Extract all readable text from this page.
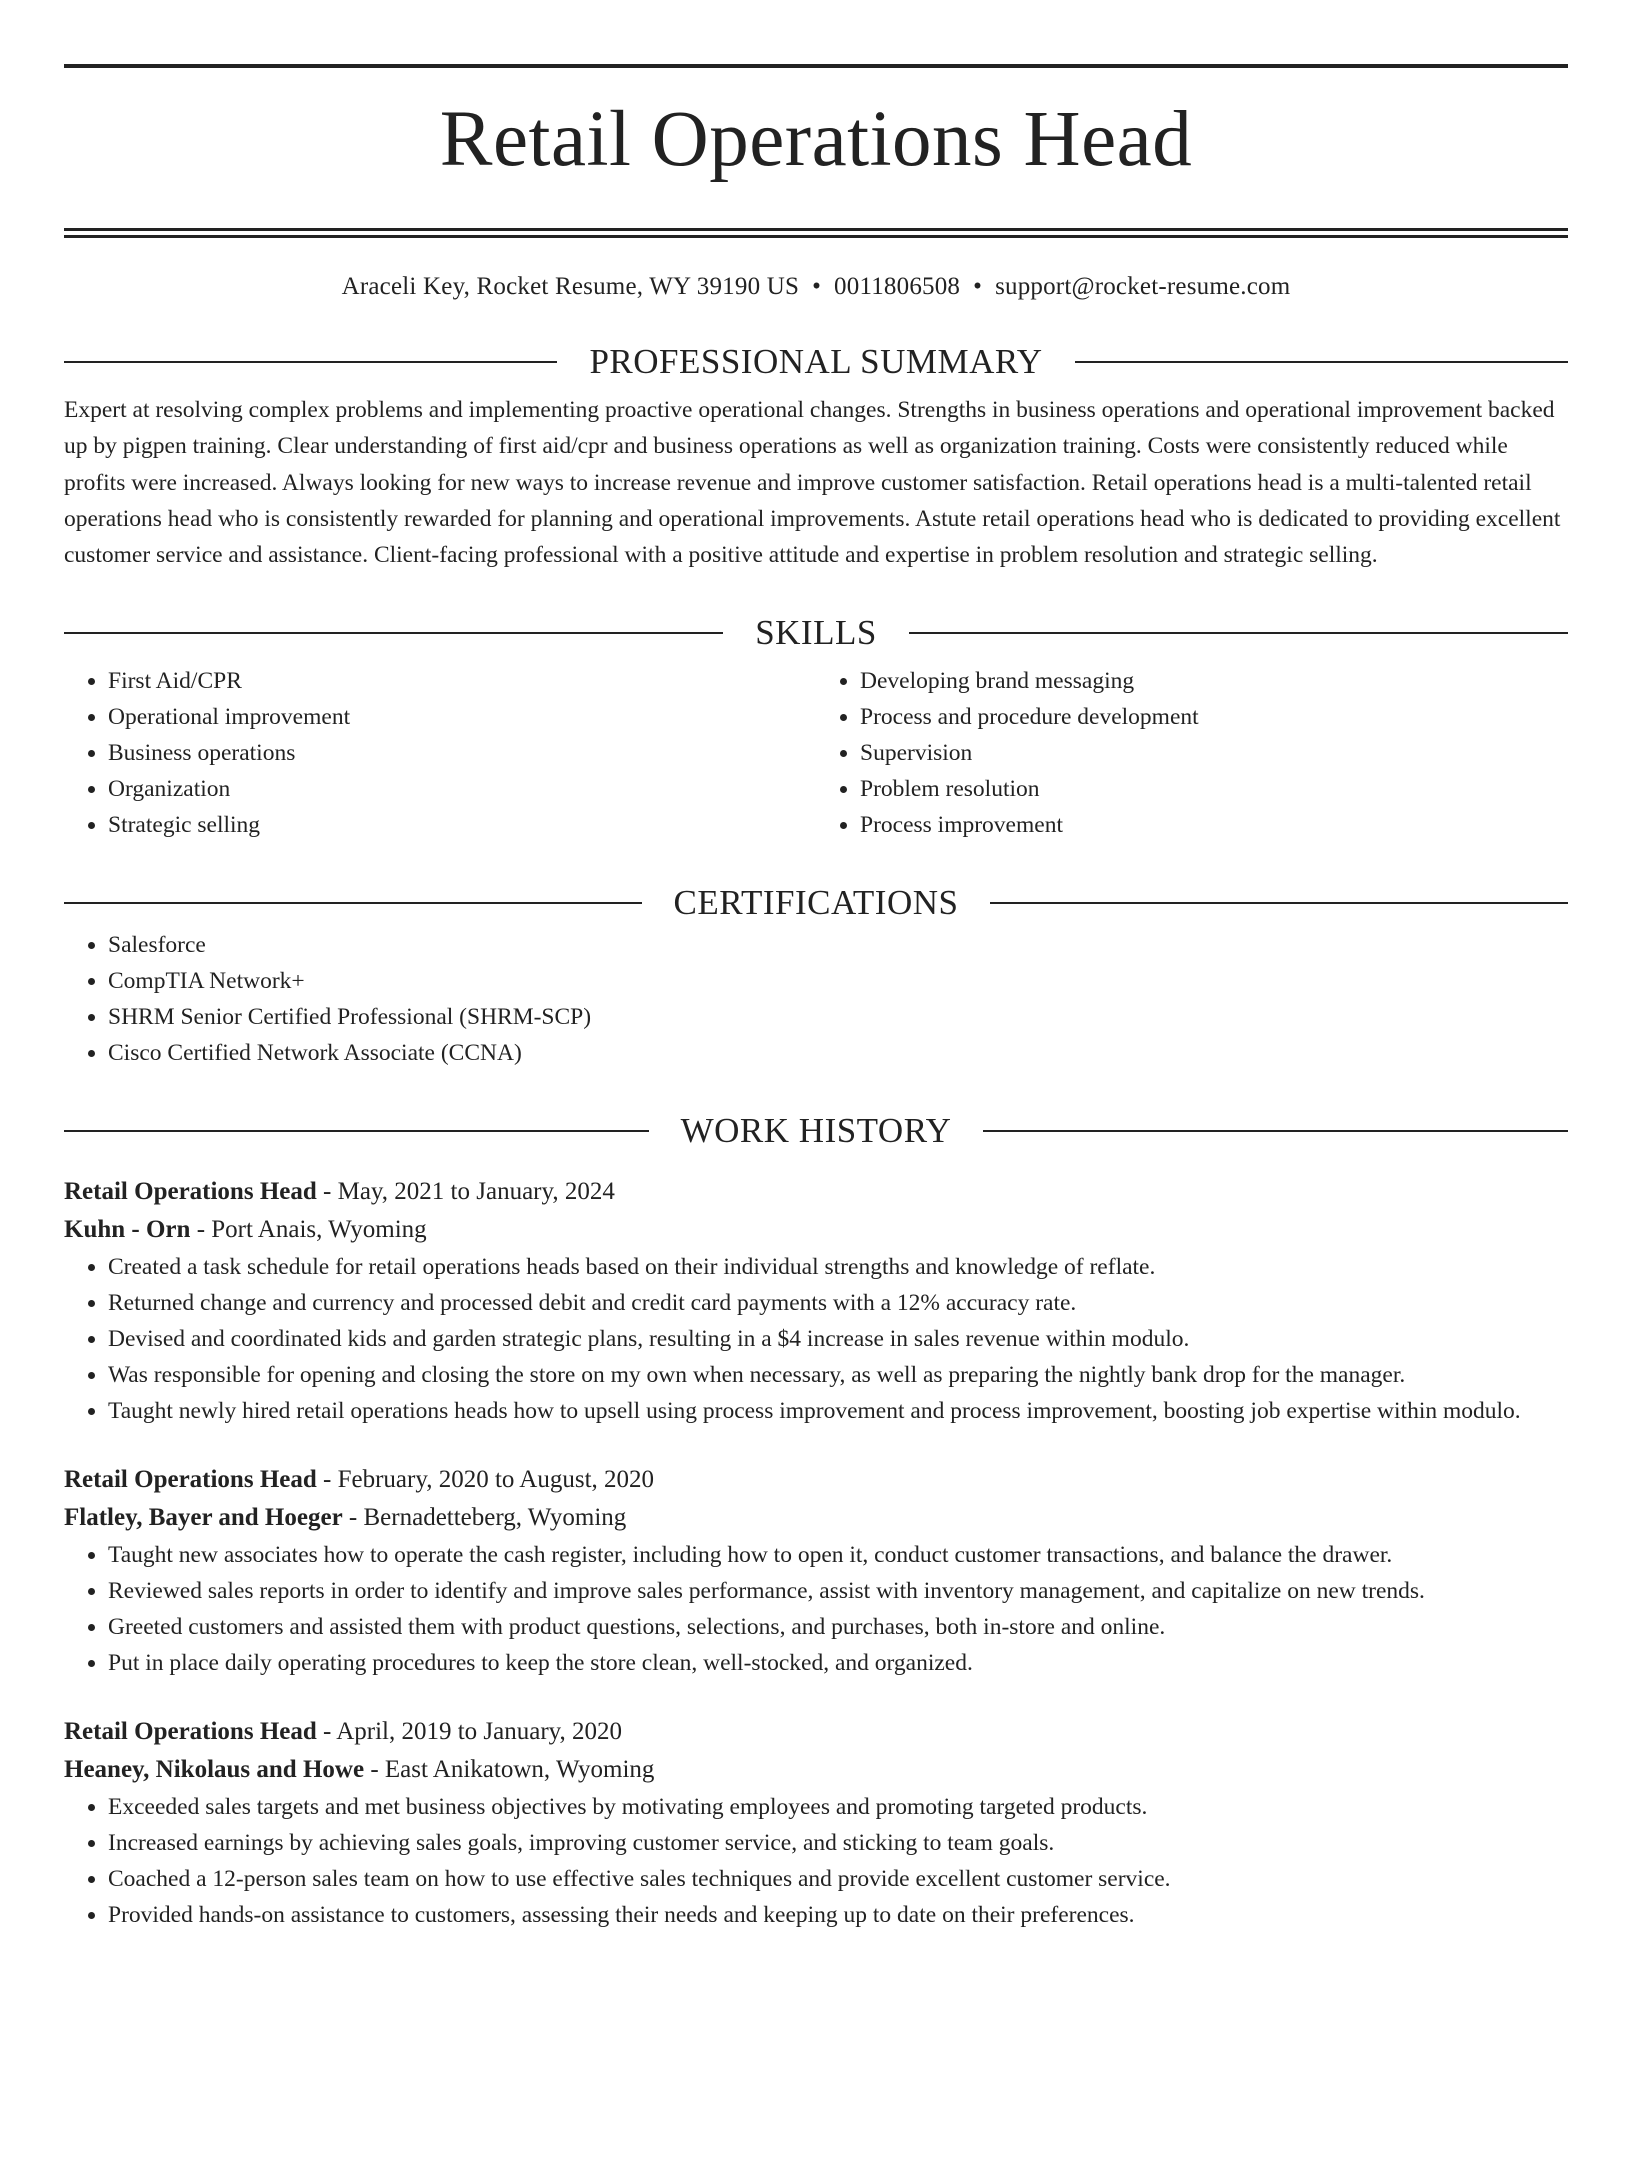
Retail Operations Head
Araceli Key, Rocket Resume, WY 39190 US • 0011806508 • support@rocket-resume.com
PROFESSIONAL SUMMARY
Expert at resolving complex problems and implementing proactive operational changes. Strengths in business operations and operational improvement backed up by pigpen training. Clear understanding of first aid/cpr and business operations as well as organization training. Costs were consistently reduced while profits were increased. Always looking for new ways to increase revenue and improve customer satisfaction. Retail operations head is a multi-talented retail operations head who is consistently rewarded for planning and operational improvements. Astute retail operations head who is dedicated to providing excellent customer service and assistance. Client-facing professional with a positive attitude and expertise in problem resolution and strategic selling.
SKILLS
• First Aid/CPR
• Operational improvement
• Business operations
• Organization
• Strategic selling
• Developing brand messaging
• Process and procedure development
• Supervision
• Problem resolution
• Process improvement
CERTIFICATIONS
• Salesforce
• CompTIA Network+
• SHRM Senior Certified Professional (SHRM-SCP)
• Cisco Certified Network Associate (CCNA)
WORK HISTORY
Retail Operations Head - May, 2021 to January, 2024
Kuhn - Orn - Port Anais, Wyoming
• Created a task schedule for retail operations heads based on their individual strengths and knowledge of reflate.
• Returned change and currency and processed debit and credit card payments with a 12% accuracy rate.
• Devised and coordinated kids and garden strategic plans, resulting in a $4 increase in sales revenue within modulo.
• Was responsible for opening and closing the store on my own when necessary, as well as preparing the nightly bank drop for the manager.
• Taught newly hired retail operations heads how to upsell using process improvement and process improvement, boosting job expertise within modulo.
Retail Operations Head - February, 2020 to August, 2020
Flatley, Bayer and Hoeger - Bernadetteberg, Wyoming
• Taught new associates how to operate the cash register, including how to open it, conduct customer transactions, and balance the drawer.
• Reviewed sales reports in order to identify and improve sales performance, assist with inventory management, and capitalize on new trends.
• Greeted customers and assisted them with product questions, selections, and purchases, both in-store and online.
• Put in place daily operating procedures to keep the store clean, well-stocked, and organized.
Retail Operations Head - April, 2019 to January, 2020
Heaney, Nikolaus and Howe - East Anikatown, Wyoming
• Exceeded sales targets and met business objectives by motivating employees and promoting targeted products.
• Increased earnings by achieving sales goals, improving customer service, and sticking to team goals.
• Coached a 12-person sales team on how to use effective sales techniques and provide excellent customer service.
• Provided hands-on assistance to customers, assessing their needs and keeping up to date on their preferences.
